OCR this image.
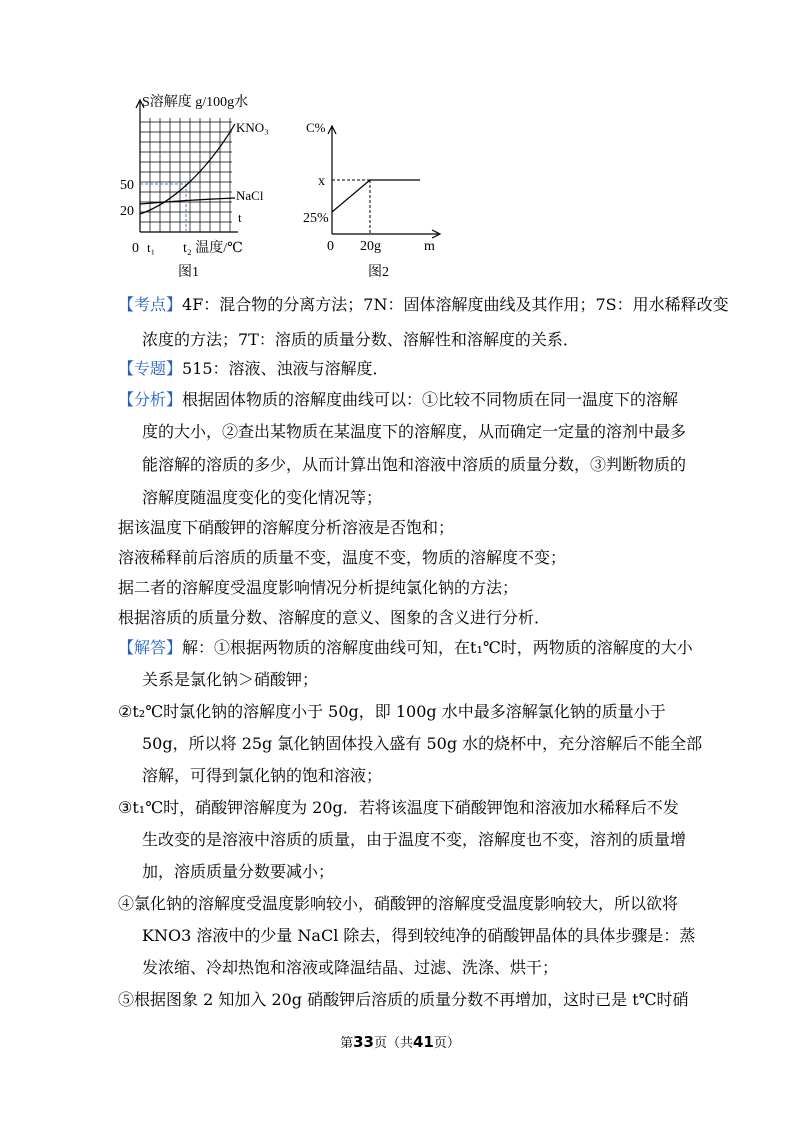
S溶解度 g/100g水
KNO₃
NaCl
t
50
20
0 t₁ t₂ 温度/℃
图1
C%
x
25%
0 20g	m
图2
【考点】4F：混合物的分离方法；7N：固体溶解度曲线及其作用；7S：用水稀释改变
浓度的方法；7T：溶质的质量分数、溶解性和溶解度的关系．
【专题】515：溶液、浊液与溶解度．
【分析】根据固体物质的溶解度曲线可以：①比较不同物质在同一温度下的溶解
度的大小，②查出某物质在某温度下的溶解度，从而确定一定量的溶剂中最多
能溶解的溶质的多少，从而计算出饱和溶液中溶质的质量分数，③判断物质的
溶解度随温度变化的变化情况等；
据该温度下硝酸钾的溶解度分析溶液是否饱和；
溶液稀释前后溶质的质量不变，温度不变，物质的溶解度不变；
据二者的溶解度受温度影响情况分析提纯氯化钠的方法；
根据溶质的质量分数、溶解度的意义、图象的含义进行分析．
【解答】解：①根据两物质的溶解度曲线可知，在t₁℃时，两物质的溶解度的大小
关系是氯化钠＞硝酸钾；
②t₂℃时氯化钠的溶解度小于 50g，即 100g 水中最多溶解氯化钠的质量小于
50g，所以将 25g 氯化钠固体投入盛有 50g 水的烧杯中，充分溶解后不能全部
溶解，可得到氯化钠的饱和溶液；
③t₁℃时，硝酸钾溶解度为 20g．若将该温度下硝酸钾饱和溶液加水稀释后不发
生改变的是溶液中溶质的质量，由于温度不变，溶解度也不变，溶剂的质量增
加，溶质质量分数要减小；
④氯化钠的溶解度受温度影响较小，硝酸钾的溶解度受温度影响较大，所以欲将
KNO3 溶液中的少量 NaCl 除去，得到较纯净的硝酸钾晶体的具体步骤是：蒸
发浓缩、冷却热饱和溶液或降温结晶、过滤、洗涤、烘干；
⑤根据图象 2 知加入 20g 硝酸钾后溶质的质量分数不再增加，这时已是 t℃时硝
第33页（共41页）
